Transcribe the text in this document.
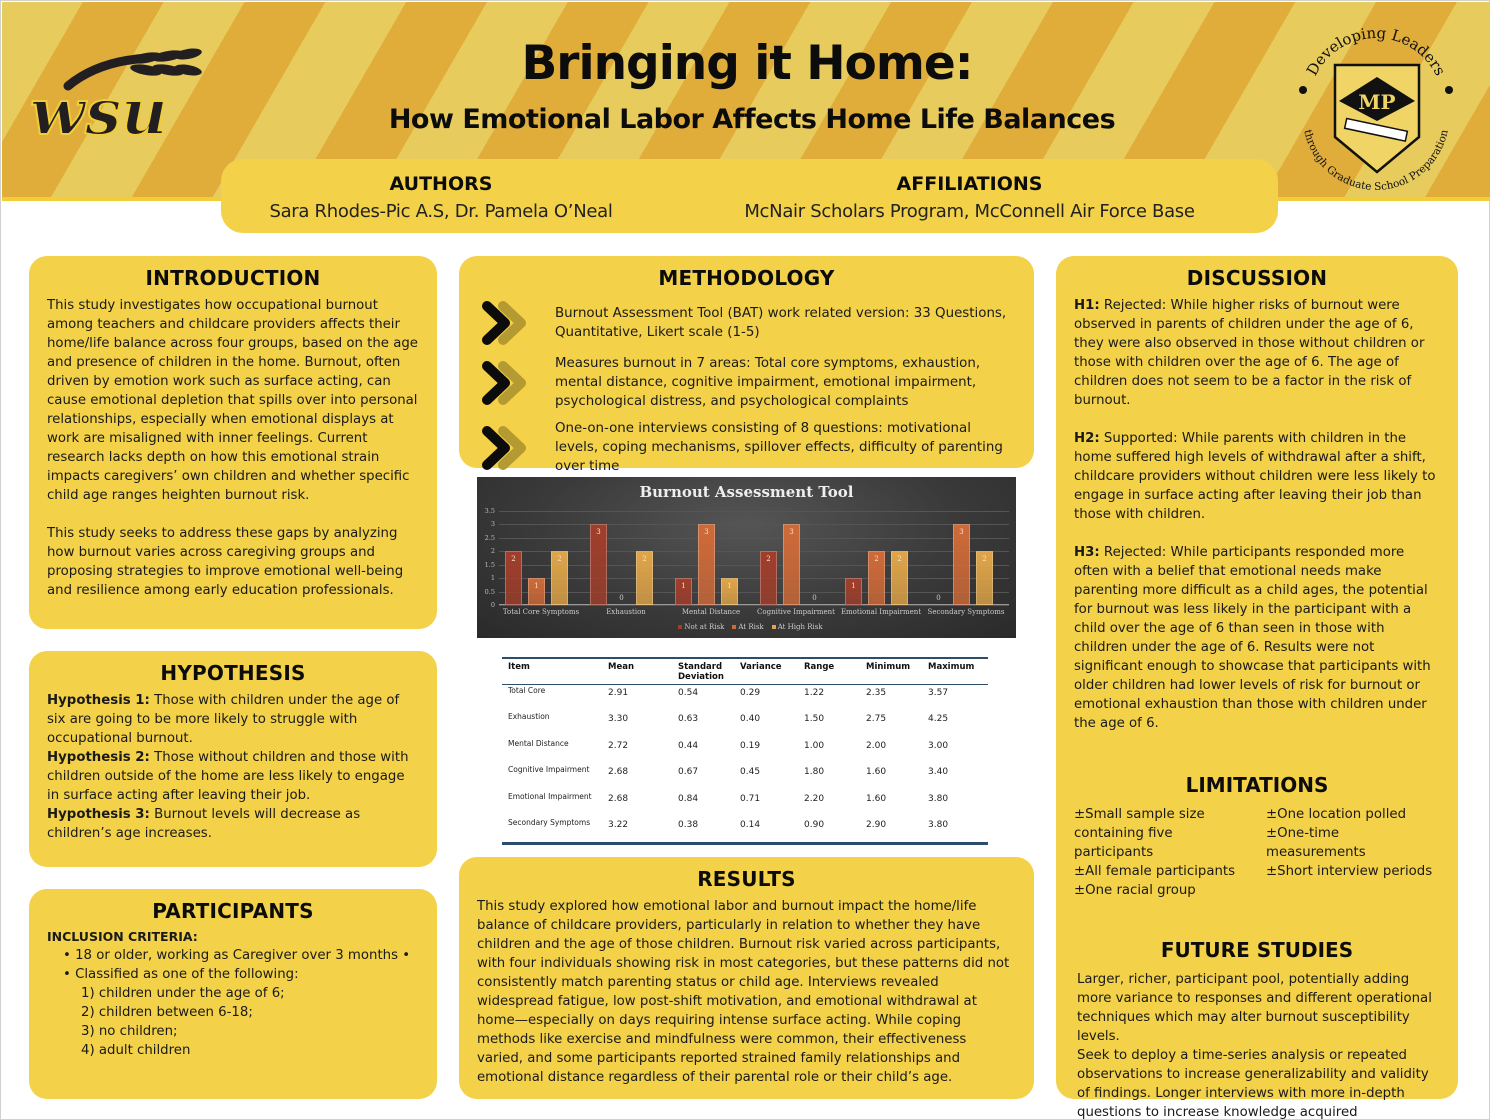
wsu
Bringing it Home:
How Emotional Labor Affects Home Life Balances
Developing Leaders
through Graduate School Preparation
MP
AUTHORS
Sara Rhodes-Pic A.S, Dr. Pamela O’Neal
AFFILIATIONS
McNair Scholars Program, McConnell Air Force Base
INTRODUCTION

This study investigates how occupational burnout among teachers and childcare providers affects their home/life balance across four groups, based on the age and presence of children in the home. Burnout, often driven by emotion work such as surface acting, can cause emotional depletion that spills over into personal relationships, especially when emotional displays at work are misaligned with inner feelings. Current research lacks depth on how this emotional strain impacts caregivers’ own children and whether specific child age ranges heighten burnout risk.

This study seeks to address these gaps by analyzing how burnout varies across caregiving groups and proposing strategies to improve emotional well-being and resilience among early education professionals.

HYPOTHESIS

Hypothesis 1: Those with children under the age of six are going to be more likely to struggle with occupational burnout.

Hypothesis 2: Those without children and those with children outside of the home are less likely to engage in surface acting after leaving their job.

Hypothesis 3: Burnout levels will decrease as children’s age increases.

PARTICIPANTS
INCLUSION CRITERIA:
• 18 or older, working as Caregiver over 3 months •
• Classified as one of the following:
1) children under the age of 6;
2) children between 6-18;
3) no children;
4) adult children
METHODOLOGY
Burnout Assessment Tool (BAT) work related version: 33 Questions, Quantitative, Likert scale (1-5)
Measures burnout in 7 areas: Total core symptoms, exhaustion, mental distance, cognitive impairment, emotional impairment, psychological distress, and psychological complaints
One-on-one interviews consisting of 8 questions: motivational levels, coping mechanisms, spillover effects, difficulty of parenting over time
Burnout Assessment Tool
0
0.5
1
1.5
2
2.5
3
3.5
2
1
2
Total Core Symptoms
3
0
2
Exhaustion
1
3
1
Mental Distance
2
3
0
Cognitive Impairment
1
2	2
Emotional Impairment
0
3
2
Secondary Symptoms
Not at Risk At Risk At High Risk
Item	Mean	Standard Deviation	Variance	Range	Minimum	Maximum
Total Core	2.91	0.54	0.29	1.22	2.35	3.57
Exhaustion	3.30	0.63	0.40	1.50	2.75	4.25
Mental Distance	2.72	0.44	0.19	1.00	2.00	3.00
Cognitive Impairment	2.68	0.67	0.45	1.80	1.60	3.40
Emotional Impairment	2.68	0.84	0.71	2.20	1.60	3.80
Secondary Symptoms	3.22	0.38	0.14	0.90	2.90	3.80
RESULTS

This study explored how emotional labor and burnout impact the home/life balance of childcare providers, particularly in relation to whether they have children and the age of those children. Burnout risk varied across participants, with four individuals showing risk in most categories, but these patterns did not consistently match parenting status or child age. Interviews revealed widespread fatigue, low post-shift motivation, and emotional withdrawal at home—especially on days requiring intense surface acting. While coping methods like exercise and mindfulness were common, their effectiveness varied, and some participants reported strained family relationships and emotional distance regardless of their parental role or their child’s age.

DISCUSSION

H1: Rejected: While higher risks of burnout were observed in parents of children under the age of 6, they were also observed in those without children or those with children over the age of 6. The age of children does not seem to be a factor in the risk of burnout.

H2: Supported: While parents with children in the home suffered high levels of withdrawal after a shift, childcare providers without children were less likely to engage in surface acting after leaving their job than those with children.

H3: Rejected: While participants responded more often with a belief that emotional needs make parenting more difficult as a child ages, the potential for burnout was less likely in the participant with a child over the age of 6 than seen in those with children under the age of 6. Results were not significant enough to showcase that participants with older children had lower levels of risk for burnout or emotional exhaustion than those with children under the age of 6.

LIMITATIONS
±Small sample size
containing five participants
±All female participants
±One racial group
±One location polled
±One-time
measurements
±Short interview periods
FUTURE STUDIES

Larger, richer, participant pool, potentially adding more variance to responses and different operational techniques which may alter burnout susceptibility levels.

Seek to deploy a time-series analysis or repeated observations to increase generalizability and validity of findings. Longer interviews with more in-depth questions to increase knowledge acquired
